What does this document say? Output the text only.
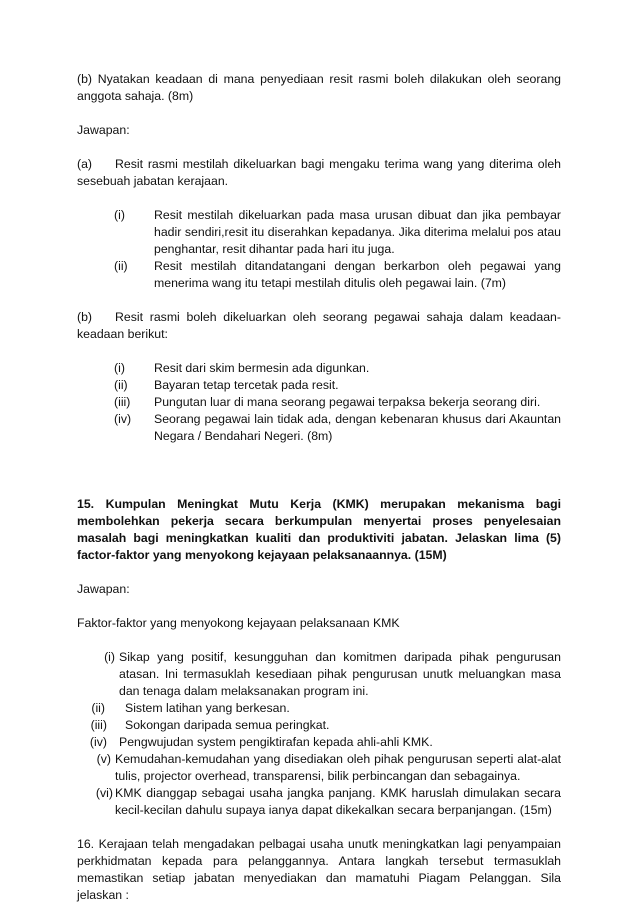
(b) Nyatakan keadaan di mana penyediaan resit rasmi boleh dilakukan oleh seorang anggota sahaja. (8m)

Jawapan:

(a)	Resit rasmi mestilah dikeluarkan bagi mengaku terima wang yang diterima oleh sesebuah jabatan kerajaan.

(i)	Resit mestilah dikeluarkan pada masa urusan dibuat dan jika pembayar hadir sendiri,resit itu diserahkan kepadanya. Jika diterima melalui pos atau penghantar, resit dihantar pada hari itu juga.
(ii)	Resit mestilah ditandatangani dengan berkarbon oleh pegawai yang menerima wang itu tetapi mestilah ditulis oleh pegawai lain. (7m)

(b) Resit rasmi boleh dikeluarkan oleh seorang pegawai sahaja dalam keadaan-keadaan berikut:

(i)	Resit dari skim bermesin ada digunkan.
(ii)	Bayaran tetap tercetak pada resit.
(iii)	Pungutan luar di mana seorang pegawai terpaksa bekerja seorang diri.
(iv)	Seorang pegawai lain tidak ada, dengan kebenaran khusus dari Akauntan Negara / Bendahari Negeri. (8m)

15. Kumpulan Meningkat Mutu Kerja (KMK) merupakan mekanisma bagi membolehkan pekerja secara berkumpulan menyertai proses penyelesaian masalah bagi meningkatkan kualiti dan produktiviti jabatan. Jelaskan lima (5) factor-faktor yang menyokong kejayaan pelaksanaannya. (15M)

Jawapan:

Faktor-faktor yang menyokong kejayaan pelaksanaan KMK

(i) Sikap yang positif, kesungguhan dan komitmen daripada pihak pengurusan atasan. Ini termasuklah kesediaan pihak pengurusan unutk meluangkan masa dan tenaga dalam melaksanakan program ini.
(ii)	Sistem latihan yang berkesan.
(iii)	Sokongan daripada semua peringkat.
(iv) Pengwujudan system pengiktirafan kepada ahli-ahli KMK.
(v) Kemudahan-kemudahan yang disediakan oleh pihak pengurusan seperti alat-alat tulis, projector overhead, transparensi, bilik perbincangan dan sebagainya.
(vi) KMK dianggap sebagai usaha jangka panjang. KMK haruslah dimulakan secara kecil-kecilan dahulu supaya ianya dapat dikekalkan secara berpanjangan. (15m)

16. Kerajaan telah mengadakan pelbagai usaha unutk meningkatkan lagi penyampaian perkhidmatan kepada para pelanggannya. Antara langkah tersebut termasuklah memastikan setiap jabatan menyediakan dan mamatuhi Piagam Pelanggan. Sila jelaskan :
